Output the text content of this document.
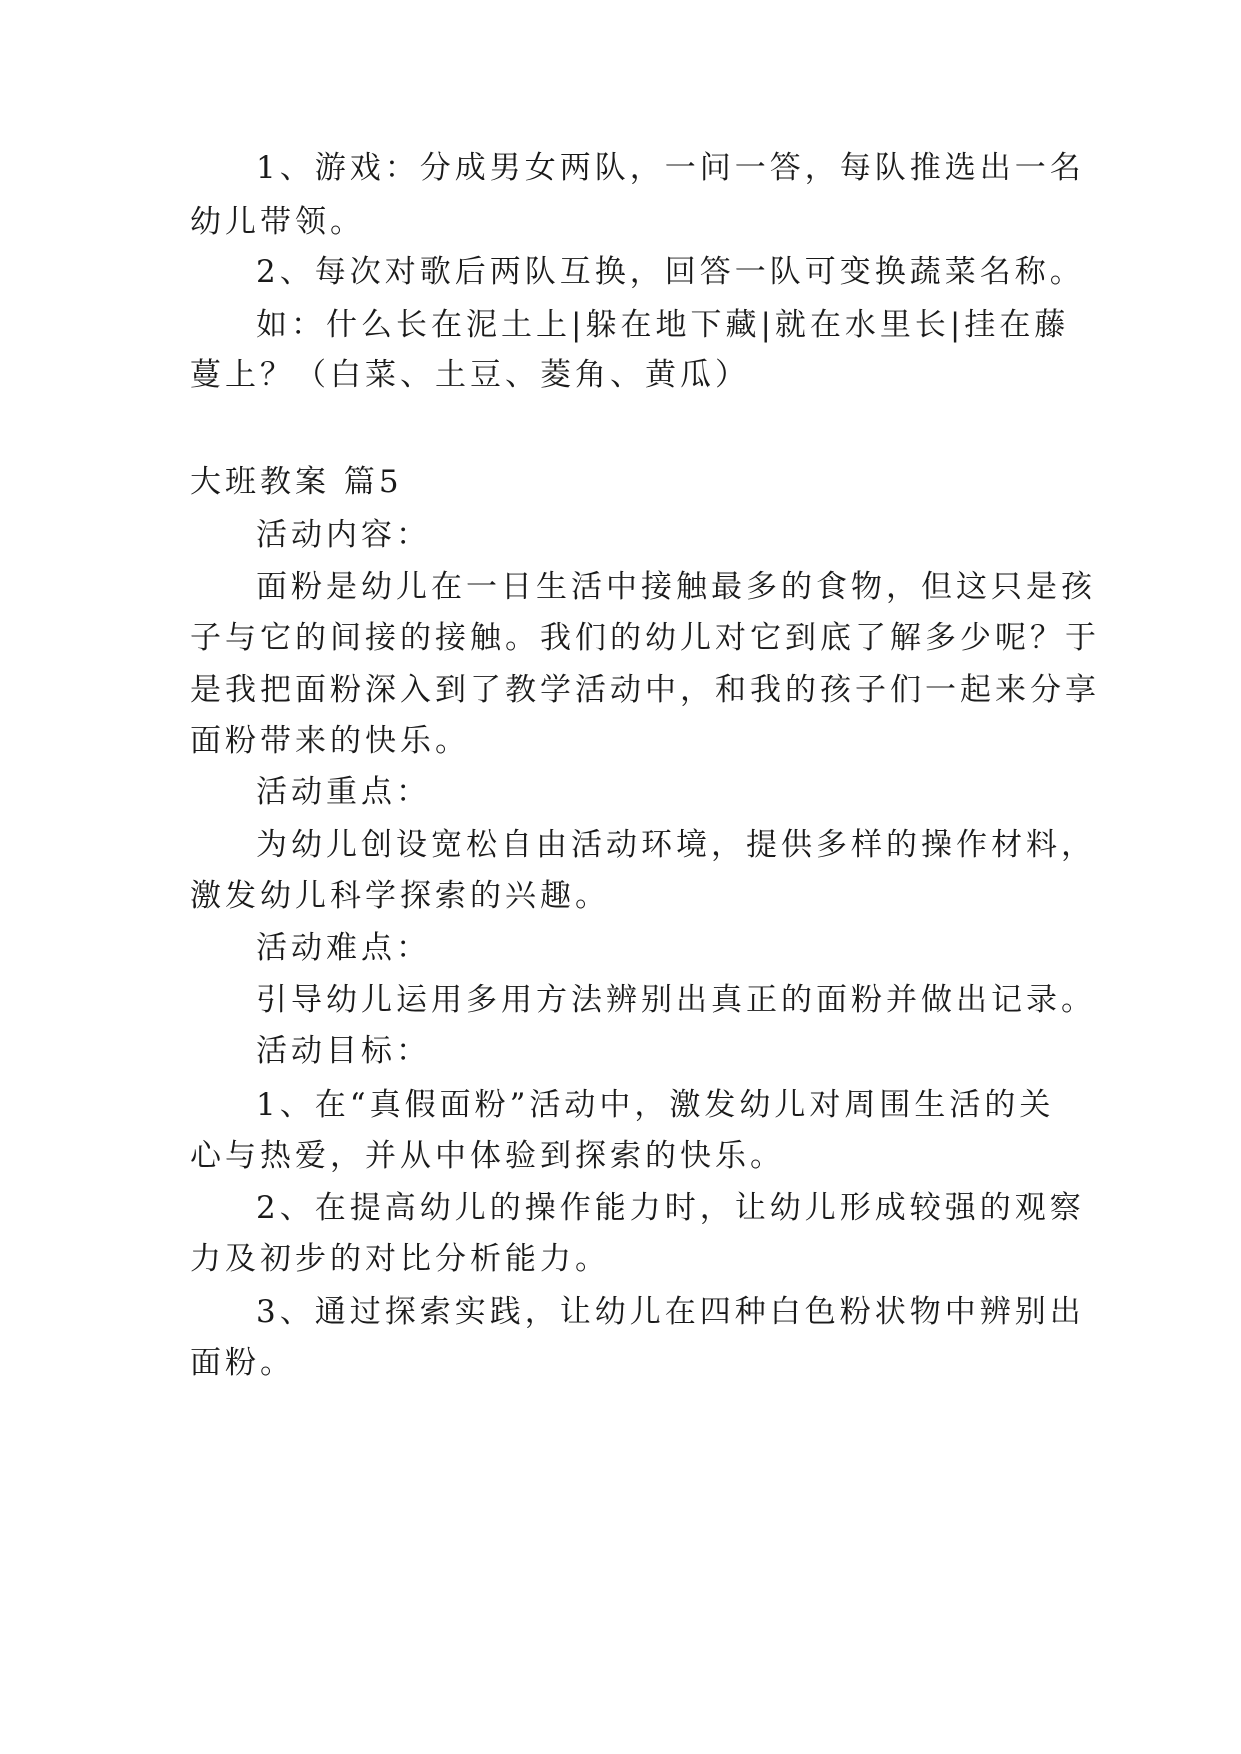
1、游戏：分成男女两队，一问一答，每队推选出一名

幼儿带领。

2、每次对歌后两队互换，回答一队可变换蔬菜名称。

如：什么长在泥土上|躲在地下藏|就在水里长|挂在藤

蔓上？（白菜、土豆、菱角、黄瓜）

大班教案 篇5

活动内容：

面粉是幼儿在一日生活中接触最多的食物，但这只是孩

子与它的间接的接触。我们的幼儿对它到底了解多少呢？于

是我把面粉深入到了教学活动中，和我的孩子们一起来分享

面粉带来的快乐。

活动重点：

为幼儿创设宽松自由活动环境，提供多样的操作材料，

激发幼儿科学探索的兴趣。

活动难点：

引导幼儿运用多用方法辨别出真正的面粉并做出记录。

活动目标：

1、在“真假面粉”活动中，激发幼儿对周围生活的关

心与热爱，并从中体验到探索的快乐。

2、在提高幼儿的操作能力时，让幼儿形成较强的观察

力及初步的对比分析能力。

3、通过探索实践，让幼儿在四种白色粉状物中辨别出

面粉。
